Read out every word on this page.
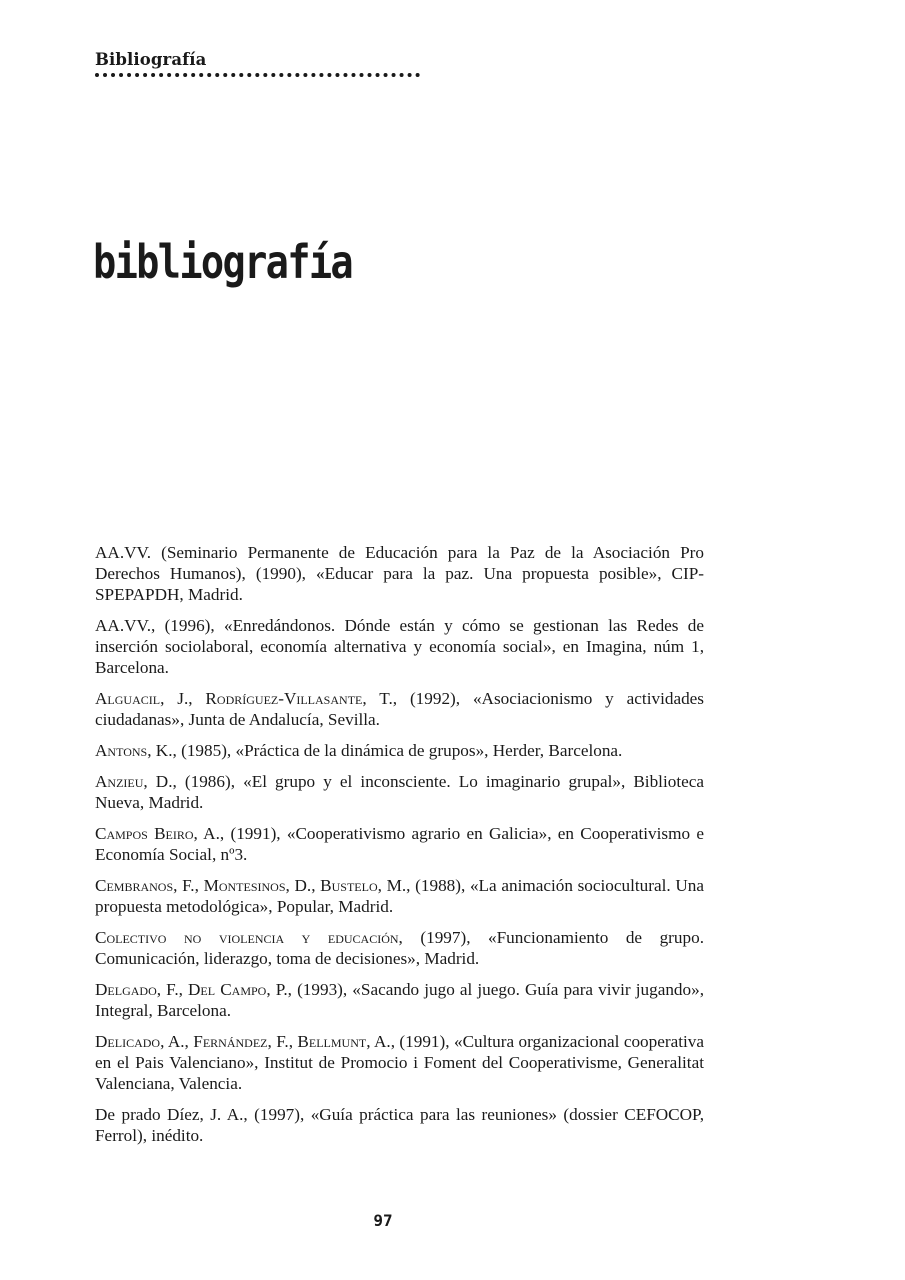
Bibliografía
bibliografía

AA.VV. (Seminario Permanente de Educación para la Paz de la Asociación Pro Derechos Humanos), (1990), «Educar para la paz. Una propuesta posible», CIP-SPEPAPDH, Madrid.

AA.VV., (1996), «Enredándonos. Dónde están y cómo se gestionan las Redes de inserción sociolaboral, economía alternativa y economía social», en Imagina, núm 1, Barcelona.

Alguacil, J., Rodríguez-Villasante, T., (1992), «Asociacionismo y actividades ciudadanas», Junta de Andalucía, Sevilla.

Antons, K., (1985), «Práctica de la dinámica de grupos», Herder, Barcelona.

Anzieu, D., (1986), «El grupo y el inconsciente. Lo imaginario grupal», Biblioteca Nueva, Madrid.

Campos Beiro, A., (1991), «Cooperativismo agrario en Galicia», en Cooperativismo e Economía Social, nº3.

Cembranos, F., Montesinos, D., Bustelo, M., (1988), «La animación sociocultural. Una propuesta metodológica», Popular, Madrid.

Colectivo no violencia y educación, (1997), «Funcionamiento de grupo. Comunicación, liderazgo, toma de decisiones», Madrid.

Delgado, F., Del Campo, P., (1993), «Sacando jugo al juego. Guía para vivir jugando», Integral, Barcelona.

Delicado, A., Fernández, F., Bellmunt, A., (1991), «Cultura organizacional cooperativa en el Pais Valenciano», Institut de Promocio i Foment del Cooperativisme, Generalitat Valenciana, Valencia.

De prado Díez, J. A., (1997), «Guía práctica para las reuniones» (dossier CEFOCOP, Ferrol), inédito.

97
